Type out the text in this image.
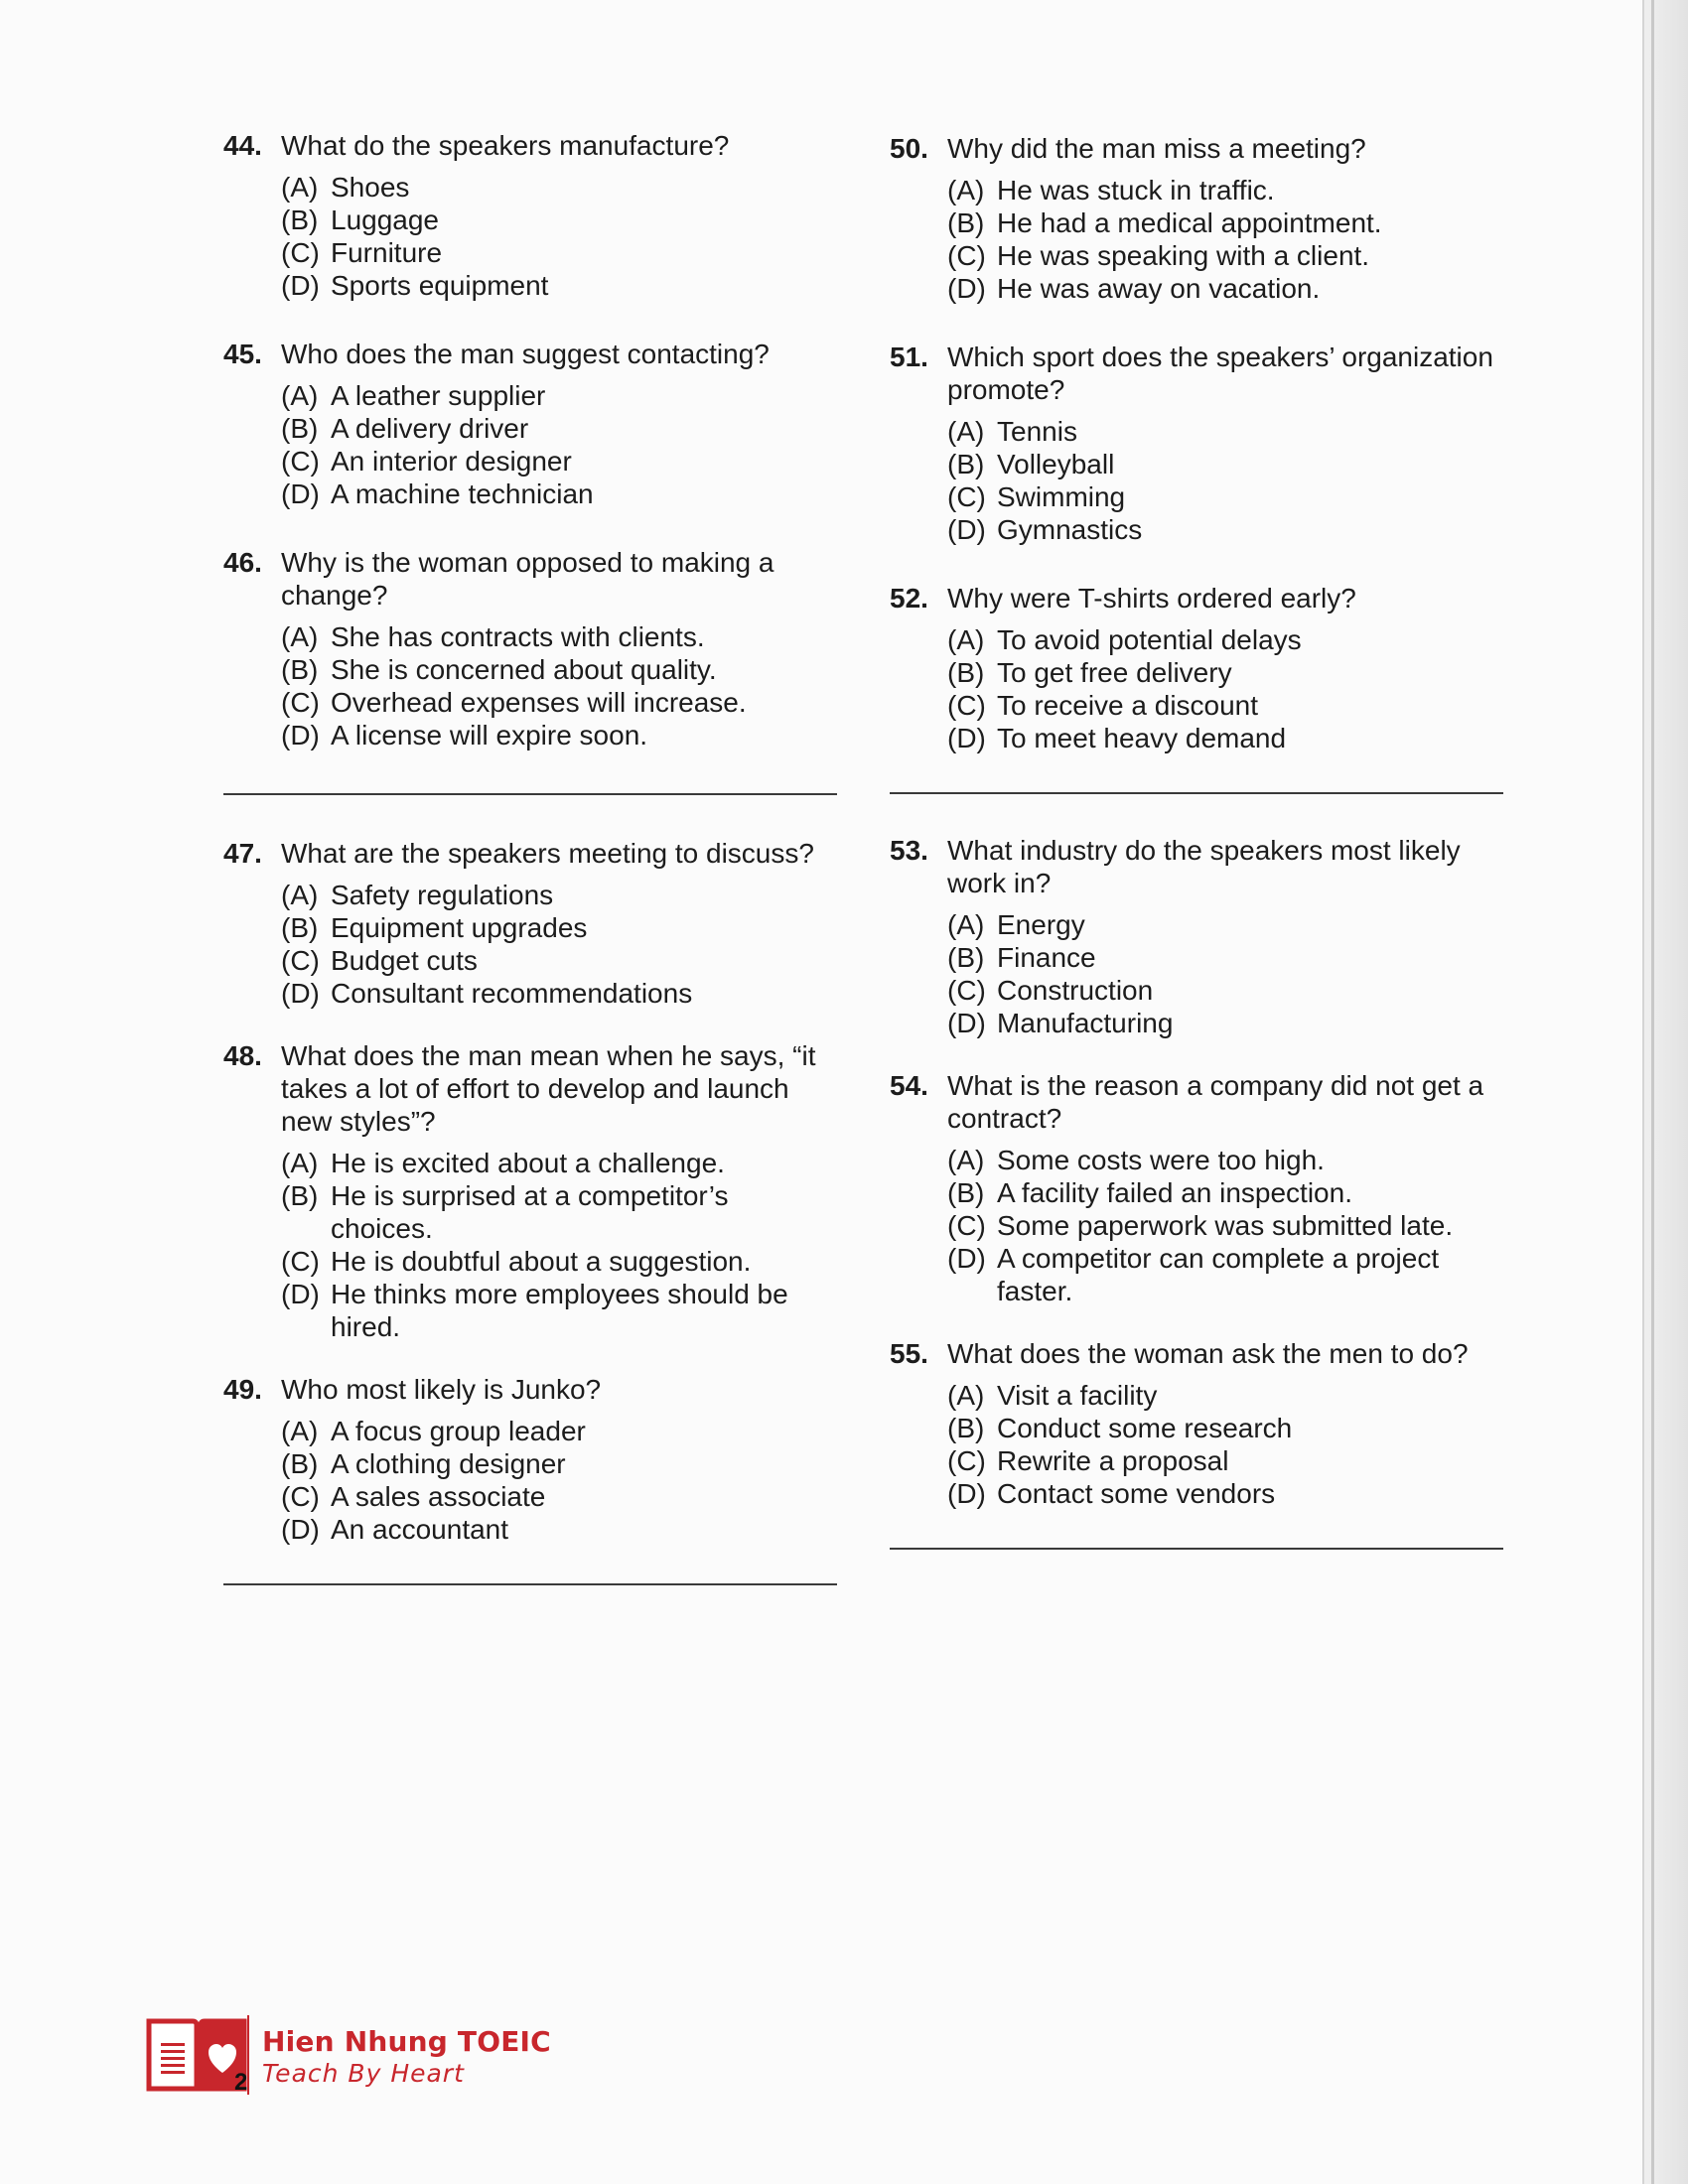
44. What do the speakers manufacture?
(A) Shoes
(B) Luggage
(C) Furniture
(D) Sports equipment
45. Who does the man suggest contacting?
(A) A leather supplier
(B) A delivery driver
(C) An interior designer
(D) A machine technician
46. Why is the woman opposed to making a change?
(A) She has contracts with clients.
(B) She is concerned about quality.
(C) Overhead expenses will increase.
(D) A license will expire soon.
47. What are the speakers meeting to discuss?
(A) Safety regulations
(B) Equipment upgrades
(C) Budget cuts
(D) Consultant recommendations
48. What does the man mean when he says, “it takes a lot of effort to develop and launch new styles”?
(A) He is excited about a challenge.
(B) He is surprised at a competitor’s choices.
(C) He is doubtful about a suggestion.
(D) He thinks more employees should be hired.
49. Who most likely is Junko?
(A) A focus group leader
(B) A clothing designer
(C) A sales associate
(D) An accountant
50. Why did the man miss a meeting?
(A) He was stuck in traffic.
(B) He had a medical appointment.
(C) He was speaking with a client.
(D) He was away on vacation.
51. Which sport does the speakers’ organization promote?
(A) Tennis
(B) Volleyball
(C) Swimming
(D) Gymnastics
52. Why were T-shirts ordered early?
(A) To avoid potential delays
(B) To get free delivery
(C) To receive a discount
(D) To meet heavy demand
53. What industry do the speakers most likely work in?
(A) Energy
(B) Finance
(C) Construction
(D) Manufacturing
54. What is the reason a company did not get a contract?
(A) Some costs were too high.
(B) A facility failed an inspection.
(C) Some paperwork was submitted late.
(D) A competitor can complete a project faster.
55. What does the woman ask the men to do?
(A) Visit a facility
(B) Conduct some research
(C) Rewrite a proposal
(D) Contact some vendors
Hien Nhung TOEIC
Teach By Heart
2
